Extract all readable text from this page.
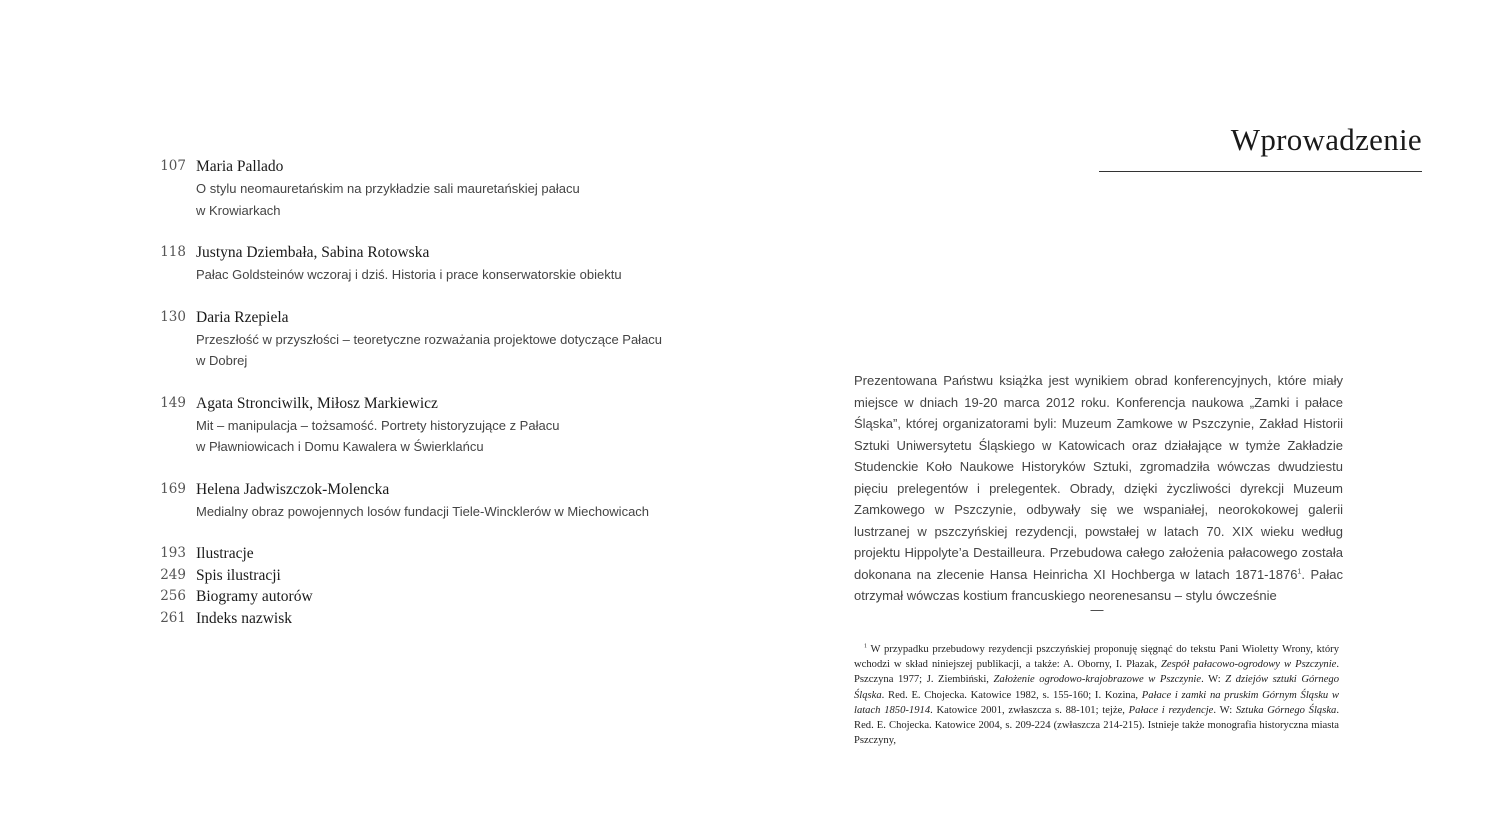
107 Maria Pallado
O stylu neomauretańskim na przykładzie sali mauretańskiej pałacu
w Krowiarkach
118 Justyna Dziembała, Sabina Rotowska
Pałac Goldsteinów wczoraj i dziś. Historia i prace konserwatorskie obiektu
130 Daria Rzepiela
Przeszłość w przyszłości – teoretyczne rozważania projektowe dotyczące Pałacu
w Dobrej
149 Agata Stronciwilk, Miłosz Markiewicz
Mit – manipulacja – tożsamość. Portrety historyzujące z Pałacu
w Pławniowicach i Domu Kawalera w Świerklańcu
169 Helena Jadwiszczok-Molencka
Medialny obraz powojennych losów fundacji Tiele-Wincklerów w Miechowicach
193 Ilustracje
249 Spis ilustracji
256 Biogramy autorów
261 Indeks nazwisk
Wprowadzenie

Prezentowana Państwu książka jest wynikiem obrad konferencyjnych, które miały miejsce w dniach 19-20 marca 2012 roku. Konferencja naukowa „Zamki i pałace Śląska”, której organizatorami byli: Muzeum Zamkowe w Pszczynie, Zakład Historii Sztuki Uniwersytetu Śląskiego w Katowicach oraz działające w tymże Zakładzie Studenckie Koło Naukowe Historyków Sztuki, zgromadziła wówczas dwudziestu pięciu prelegentów i prelegentek. Obrady, dzięki życzliwości dyrekcji Muzeum Zamkowego w Pszczynie, odbywały się we wspaniałej, neorokokowej galerii lustrzanej w pszczyńskiej rezydencji, powstałej w latach 70. XIX wieku według projektu Hippolyte’a Destailleura. Przebudowa całego założenia pałacowego została dokonana na zlecenie Hansa Heinricha XI Hochberga w latach 1871-1876$^1$. Pałac otrzymał wówczas kostium francuskiego neorenesansu – stylu ówcześnie

—

$^1$ W przypadku przebudowy rezydencji pszczyńskiej proponuję sięgnąć do tekstu Pani Wioletty Wrony, który wchodzi w skład niniejszej publikacji, a także: A. Oborny, I. Płazak, Zespół pałacowo-ogrodowy w Pszczynie. Pszczyna 1977; J. Ziembiński, Założenie ogrodowo-krajobrazowe w Pszczynie. W: Z dziejów sztuki Górnego Śląska. Red. E. Chojecka. Katowice 1982, s. 155-160; I. Kozina, Pałace i zamki na pruskim Górnym Śląsku w latach 1850-1914. Katowice 2001, zwłaszcza s. 88-101; tejże, Pałace i rezydencje. W: Sztuka Górnego Śląska. Red. E. Chojecka. Katowice 2004, s. 209-224 (zwłaszcza 214-215). Istnieje także monografia historyczna miasta Pszczyny,
